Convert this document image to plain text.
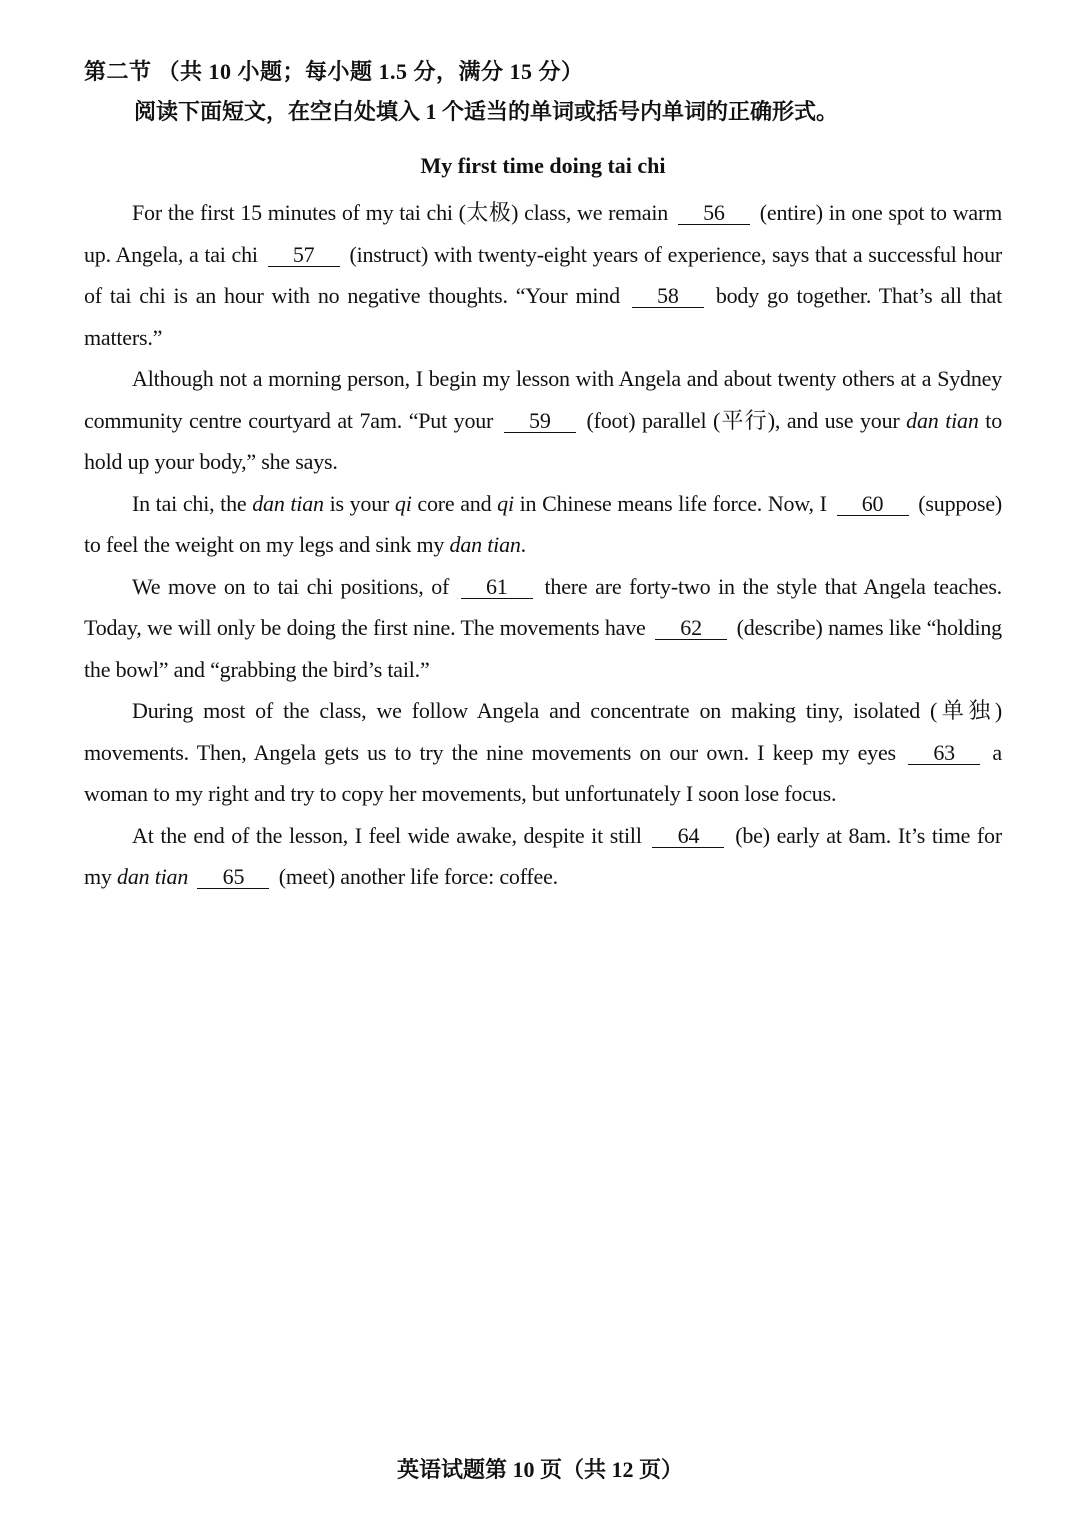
第二节 （共 10 小题；每小题 1.5 分，满分 15 分）
阅读下面短文，在空白处填入 1 个适当的单词或括号内单词的正确形式。
My first time doing tai chi

For the first 15 minutes of my tai chi (太极) class, we remain 56 (entire) in one spot to warm up. Angela, a tai chi 57 (instruct) with twenty-eight years of experience, says that a successful hour of tai chi is an hour with no negative thoughts. “Your mind 58 body go together. That’s all that matters.”

Although not a morning person, I begin my lesson with Angela and about twenty others at a Sydney community centre courtyard at 7am. “Put your 59 (foot) parallel (平行), and use your dan tian to hold up your body,” she says.

In tai chi, the dan tian is your qi core and qi in Chinese means life force. Now, I 60 (suppose) to feel the weight on my legs and sink my dan tian.

We move on to tai chi positions, of 61 there are forty-two in the style that Angela teaches. Today, we will only be doing the first nine. The movements have 62 (describe) names like “holding the bowl” and “grabbing the bird’s tail.”

During most of the class, we follow Angela and concentrate on making tiny, isolated (单独) movements. Then, Angela gets us to try the nine movements on our own. I keep my eyes 63 a woman to my right and try to copy her movements, but unfortunately I soon lose focus.

At the end of the lesson, I feel wide awake, despite it still 64 (be) early at 8am. It’s time for my dan tian 65 (meet) another life force: coffee.

英语试题第 10 页（共 12 页）
